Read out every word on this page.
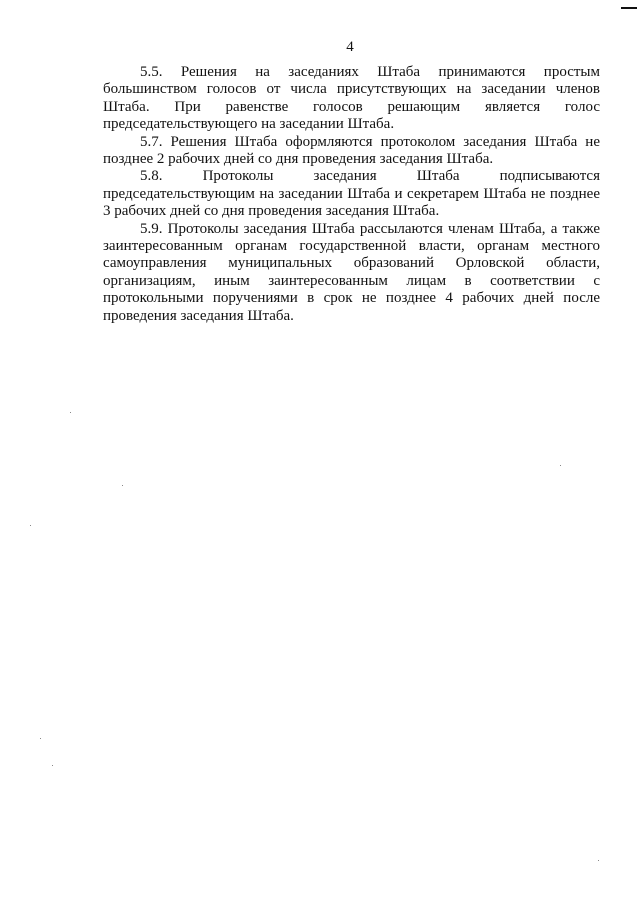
4

5.5. Решения на заседаниях Штаба принимаются простым большинством голосов от числа присутствующих на заседании членов Штаба. При равенстве голосов решающим является голос председательствующего на заседании Штаба.

5.7. Решения Штаба оформляются протоколом заседания Штаба не позднее 2 рабочих дней со дня проведения заседания Штаба.

5.8. Протоколы заседания Штаба подписываются председательствующим на заседании Штаба и секретарем Штаба не позднее 3 рабочих дней со дня проведения заседания Штаба.

5.9. Протоколы заседания Штаба рассылаются членам Штаба, а также заинтересованным органам государственной власти, органам местного самоуправления муниципальных образований Орловской области, организациям, иным заинтересованным лицам в соответствии с протокольными поручениями в срок не позднее 4 рабочих дней после проведения заседания Штаба.
